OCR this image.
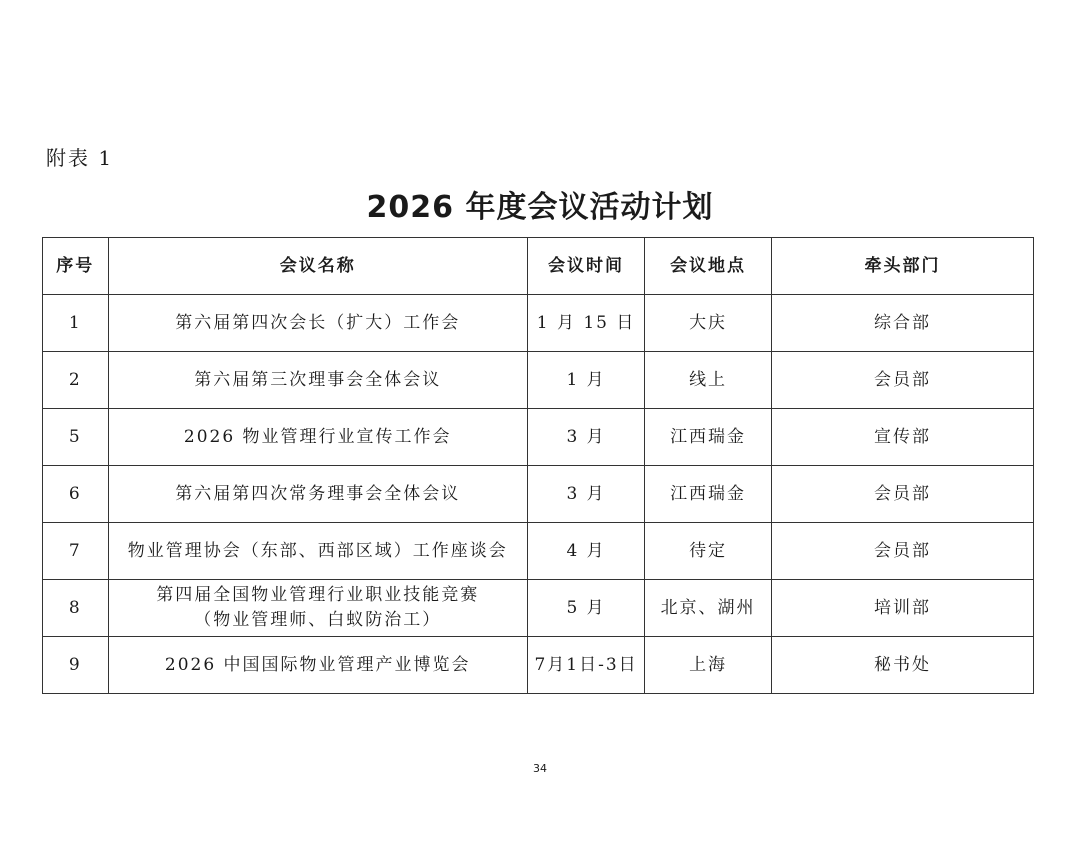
附表 1
2026 年度会议活动计划
序号	会议名称	会议时间	会议地点	牵头部门
1	第六届第四次会长（扩大）工作会	1 月 15 日	大庆	综合部
2	第六届第三次理事会全体会议	1 月	线上	会员部
5	2026 物业管理行业宣传工作会	3 月	江西瑞金	宣传部
6	第六届第四次常务理事会全体会议	3 月	江西瑞金	会员部
7	物业管理协会（东部、西部区域）工作座谈会	4 月	待定	会员部
8	第四届全国物业管理行业职业技能竞赛
（物业管理师、白蚁防治工）	5 月	北京、湖州	培训部
9	2026 中国国际物业管理产业博览会	7月1日-3日	上海	秘书处
34
